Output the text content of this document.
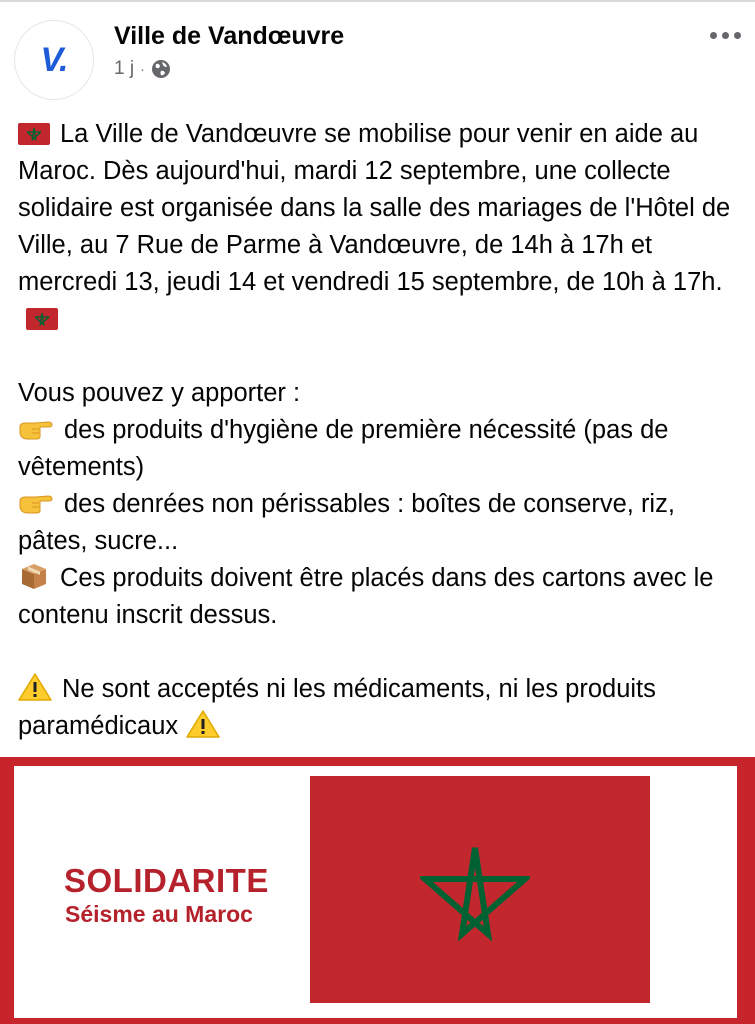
V.
Ville de Vandœuvre
1 j ·

La Ville de Vandœuvre se mobilise pour venir en aide au Maroc. Dès aujourd'hui, mardi 12 septembre, une collecte solidaire est organisée dans la salle des mariages de l'Hôtel de Ville, au 7 Rue de Parme à Vandœuvre, de 14h à 17h et mercredi 13, jeudi 14 et vendredi 15 septembre, de 10h à 17h.

Vous pouvez y apporter :

des produits d'hygiène de première nécessité (pas de vêtements)

des denrées non périssables : boîtes de conserve, riz, pâtes, sucre...

Ces produits doivent être placés dans des cartons avec le contenu inscrit dessus.

Ne sont acceptés ni les médicaments, ni les produits paramédicaux

SOLIDARITE
Séisme au Maroc
